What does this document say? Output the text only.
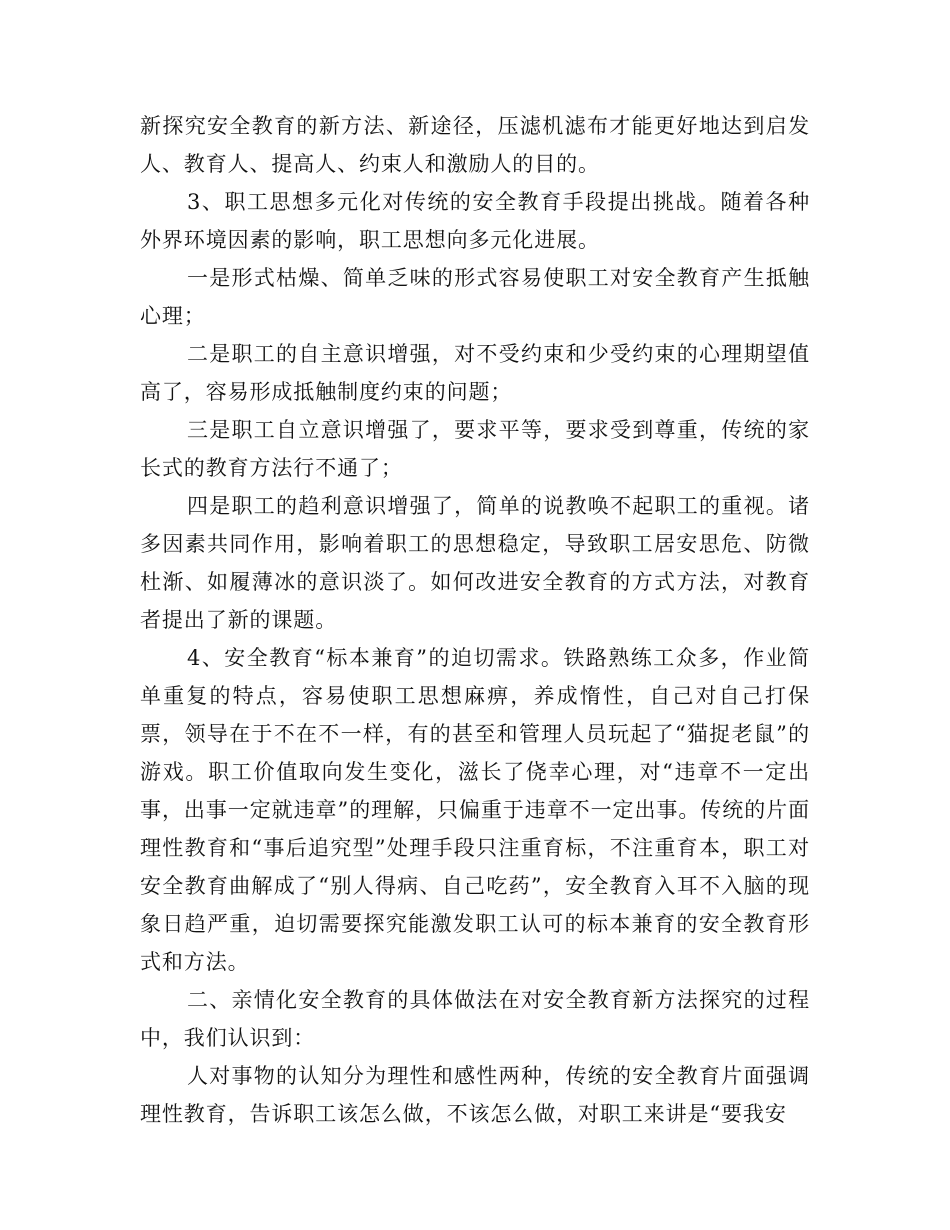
新探究安全教育的新方法、新途径，压滤机滤布才能更好地达到启发人、教育人、提高人、约束人和激励人的目的。

3、职工思想多元化对传统的安全教育手段提出挑战。随着各种外界环境因素的影响，职工思想向多元化进展。

一是形式枯燥、简单乏味的形式容易使职工对安全教育产生抵触心理；

二是职工的自主意识增强，对不受约束和少受约束的心理期望值高了，容易形成抵触制度约束的问题；

三是职工自立意识增强了，要求平等，要求受到尊重，传统的家长式的教育方法行不通了；

四是职工的趋利意识增强了，简单的说教唤不起职工的重视。诸多因素共同作用，影响着职工的思想稳定，导致职工居安思危、防微杜渐、如履薄冰的意识淡了。如何改进安全教育的方式方法，对教育者提出了新的课题。

4、安全教育“标本兼育”的迫切需求。铁路熟练工众多，作业简单重复的特点，容易使职工思想麻痹，养成惰性，自己对自己打保票，领导在于不在不一样，有的甚至和管理人员玩起了“猫捉老鼠”的游戏。职工价值取向发生变化，滋长了侥幸心理，对“违章不一定出事，出事一定就违章”的理解，只偏重于违章不一定出事。传统的片面理性教育和“事后追究型”处理手段只注重育标，不注重育本，职工对安全教育曲解成了“别人得病、自己吃药”，安全教育入耳不入脑的现象日趋严重，迫切需要探究能激发职工认可的标本兼育的安全教育形式和方法。

二、亲情化安全教育的具体做法在对安全教育新方法探究的过程中，我们认识到：

人对事物的认知分为理性和感性两种，传统的安全教育片面强调理性教育，告诉职工该怎么做，不该怎么做，对职工来讲是“要我安
